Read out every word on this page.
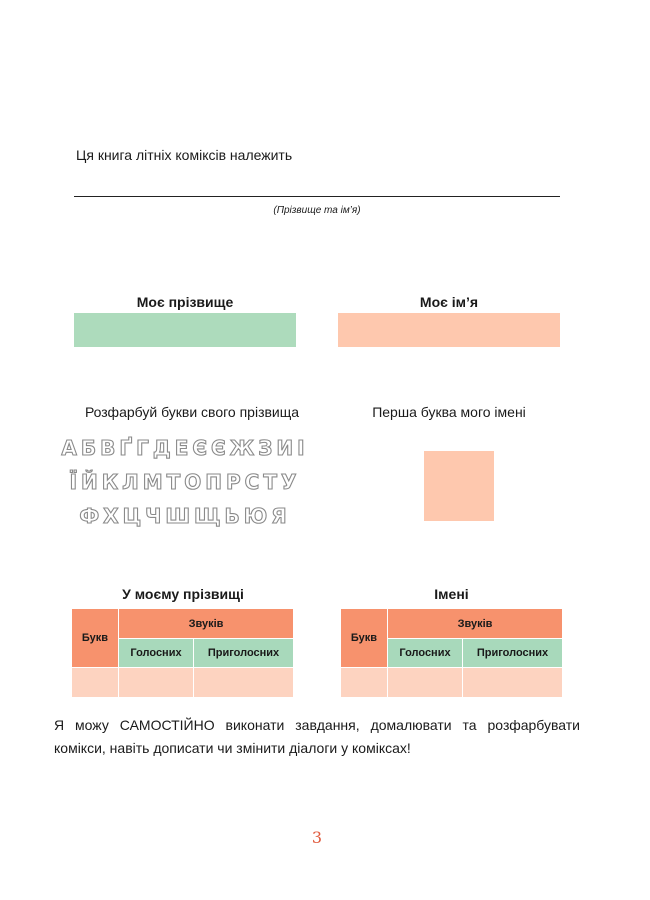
Ця книга літніх коміксів належить
(Прізвище та ім’я)
Моє прізвище	Моє ім’я
Розфарбуй букви свого прізвища	Перша буква мого імені
АБВҐГДЕЄЄЖЗИІ
ЇЙКЛМТОПРСТУ
ФХЦЧШЩЬЮЯ
У моєму прізвищі	Імені
Букв	Звуків	
	Голосних	Приголосних

Букв	Звуків	
	Голосних	Приголосних

Я можу САМОСТІЙНО виконати завдання, домалювати та розфарбувати комікси, навіть дописати чи змінити діалоги у коміксах!
3
